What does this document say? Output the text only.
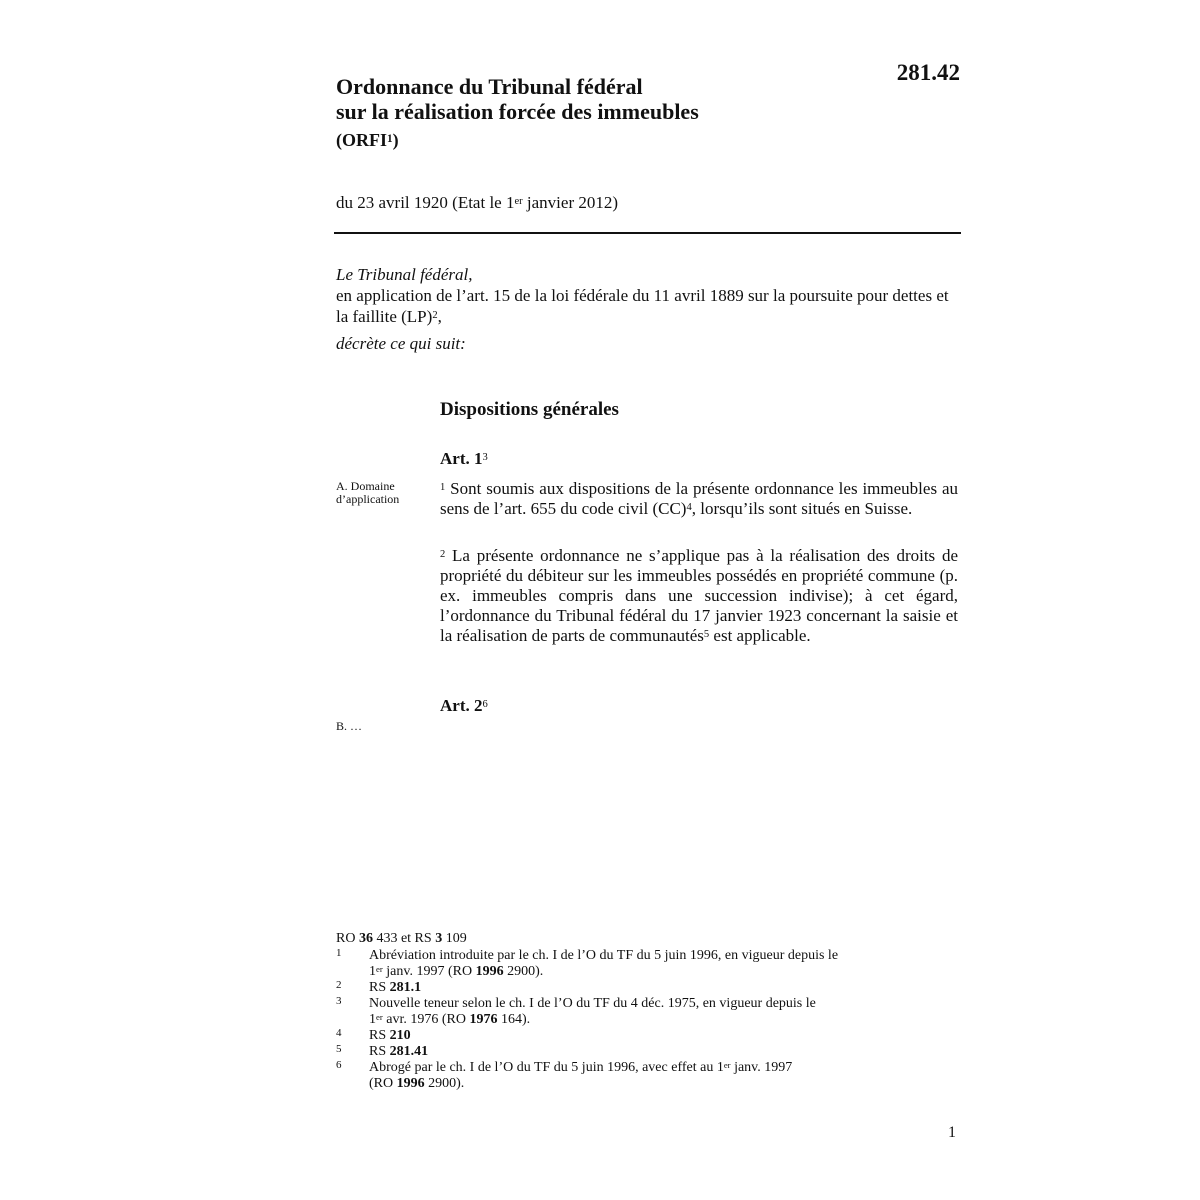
281.42
Ordonnance du Tribunal fédéral
sur la réalisation forcée des immeubles
(ORFI$^1$)
du 23 avril 1920 (Etat le 1er janvier 2012)

Le Tribunal fédéral,

en application de l’art. 15 de la loi fédérale du 11 avril 1889 sur la poursuite pour dettes et la faillite (LP)$^2$,

décrète ce qui suit:

Dispositions générales
Art. $1^3$
A. Domaine
d’application
$^1$ Sont soumis aux dispositions de la présente ordonnance les immeubles au sens de l’art. 655 du code civil (CC)$^4$, lorsqu’ils sont situés en Suisse.
$^2$ La présente ordonnance ne s’applique pas à la réalisation des droits de propriété du débiteur sur les immeubles possédés en propriété commune (p. ex. immeubles compris dans une succession indivise); à cet égard, l’ordonnance du Tribunal fédéral du 17 janvier 1923 concernant la saisie et la réalisation de parts de communautés$^5$ est applicable.
Art. $2^6$
B. …
RO 36 433 et RS 3 109
1 Abréviation introduite par le ch. I de l’O du TF du 5 juin 1996, en vigueur depuis le
1er janv. 1997 (RO 1996 2900).
2 RS 281.1
3 Nouvelle teneur selon le ch. I de l’O du TF du 4 déc. 1975, en vigueur depuis le
1er avr. 1976 (RO 1976 164).
4 RS 210
5 RS 281.41
6 Abrogé par le ch. I de l’O du TF du 5 juin 1996, avec effet au 1er janv. 1997
(RO 1996 2900).
1
